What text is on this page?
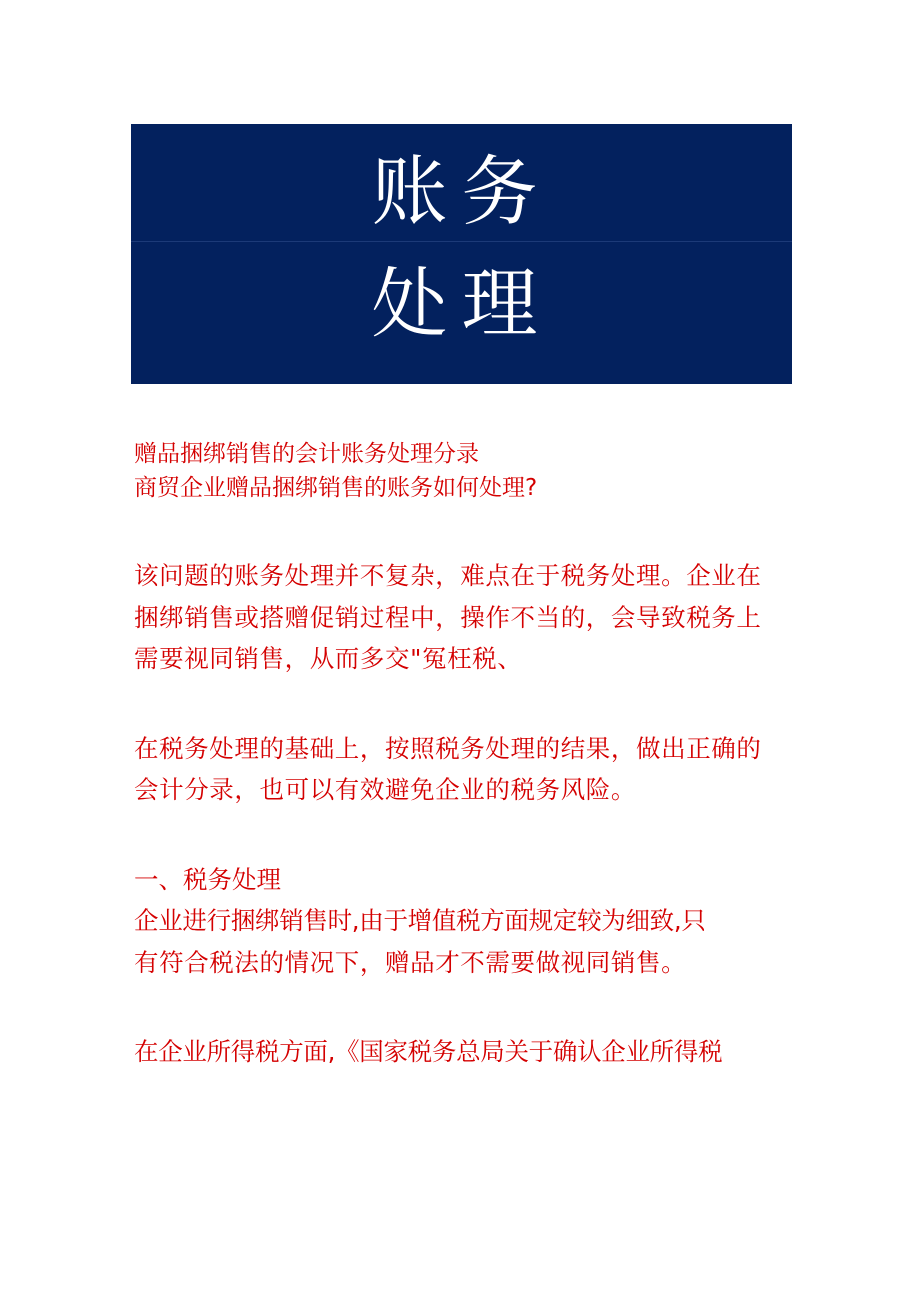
账务
处理
赠品捆绑销售的会计账务处理分录
商贸企业赠品捆绑销售的账务如何处理?
该问题的账务处理并不复杂，难点在于税务处理。企业在
捆绑销售或搭赠促销过程中，操作不当的，会导致税务上
需要视同销售，从而多交"冤枉税、
在税务处理的基础上，按照税务处理的结果，做出正确的
会计分录，也可以有效避免企业的税务风险。
一、税务处理
企业进行捆绑销售时,由于增值税方面规定较为细致,只
有符合税法的情况下，赠品才不需要做视同销售。
在企业所得税方面,《国家税务总局关于确认企业所得税
